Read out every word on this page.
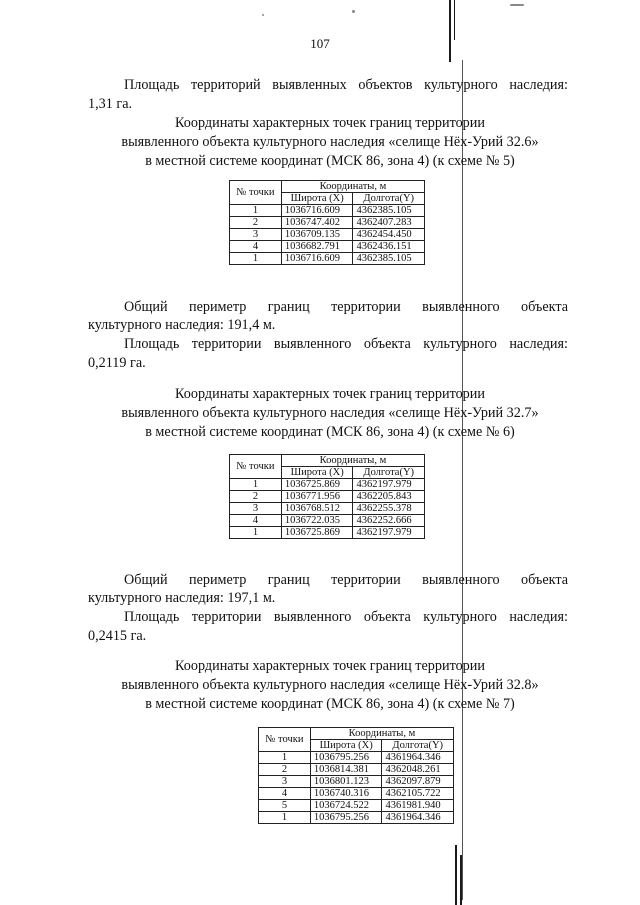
107

Площадь территорий выявленных объектов культурного наследия:

1,31 га.

Координаты характерных точек границ территории
выявленного объекта культурного наследия «селище Нёх-Урий 32.6»
в местной системе координат (МСК 86, зона 4) (к схеме № 5)
№ точки	Координаты, м	
	Широта (X)	Долгота(Y)
1	1036716.609	4362385.105
2	1036747.402	4362407.283
3	1036709.135	4362454.450
4	1036682.791	4362436.151
1	1036716.609	4362385.105

Общий периметр границ территории выявленного объекта

культурного наследия: 191,4 м.

Площадь территории выявленного объекта культурного наследия:

0,2119 га.

Координаты характерных точек границ территории
выявленного объекта культурного наследия «селище Нёх-Урий 32.7»
в местной системе координат (МСК 86, зона 4) (к схеме № 6)
№ точки	Координаты, м	
	Широта (X)	Долгота(Y)
1	1036725.869	4362197.979
2	1036771.956	4362205.843
3	1036768.512	4362255.378
4	1036722.035	4362252.666
1	1036725.869	4362197.979

Общий периметр границ территории выявленного объекта

культурного наследия: 197,1 м.

Площадь территории выявленного объекта культурного наследия:

0,2415 га.

Координаты характерных точек границ территории
выявленного объекта культурного наследия «селище Нёх-Урий 32.8»
в местной системе координат (МСК 86, зона 4) (к схеме № 7)
№ точки	Координаты, м	
	Широта (X)	Долгота(Y)
1	1036795.256	4361964.346
2	1036814.381	4362048.261
3	1036801.123	4362097.879
4	1036740.316	4362105.722
5	1036724.522	4361981.940
1	1036795.256	4361964.346
